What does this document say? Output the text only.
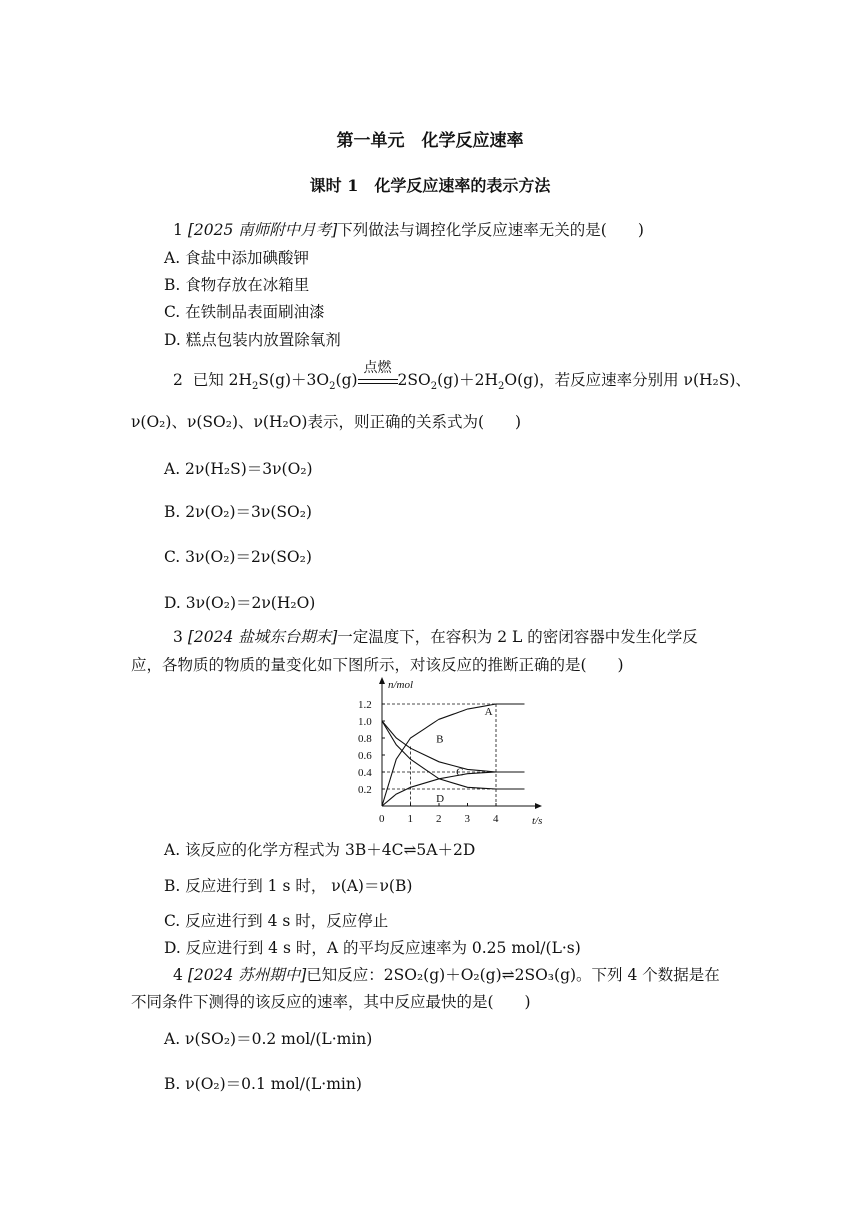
第一单元　化学反应速率
课时 1　化学反应速率的表示方法
1 [2025 南师附中月考]下列做法与调控化学反应速率无关的是(　　)
A. 食盐中添加碘酸钾
B. 食物存放在冰箱里
C. 在铁制品表面刷油漆
D. 糕点包装内放置除氧剂
2 已知 $2H_2S(g)+3O_2(g)$
点燃
$2SO_2(g)+2H_2O(g)$，若反应速率分别用 ν(H₂S)、
ν(O₂)、ν(SO₂)、ν(H₂O)表示，则正确的关系式为(　　)
A. 2ν(H₂S)＝3ν(O₂)
B. 2ν(O₂)＝3ν(SO₂)
C. 3ν(O₂)＝2ν(SO₂)
D. 3ν(O₂)＝2ν(H₂O)
3 [2024 盐城东台期末]一定温度下，在容积为 2 L 的密闭容器中发生化学反
应，各物质的物质的量变化如下图所示，对该反应的推断正确的是(　　)
n/mol
t/s
0 1 2 3 4
0.2
0.4
0.6
0.8
1.0
1.2
A
B
C
D
A. 该反应的化学方程式为 3B＋4C⇌5A＋2D
B. 反应进行到 1 s 时， ν(A)＝ν(B)
C. 反应进行到 4 s 时，反应停止
D. 反应进行到 4 s 时，A 的平均反应速率为 0.25 mol/(L·s)
4 [2024 苏州期中]已知反应：2SO₂(g)＋O₂(g)⇌2SO₃(g)。下列 4 个数据是在
不同条件下测得的该反应的速率，其中反应最快的是(　　)
A. ν(SO₂)＝0.2 mol/(L·min)
B. ν(O₂)＝0.1 mol/(L·min)
